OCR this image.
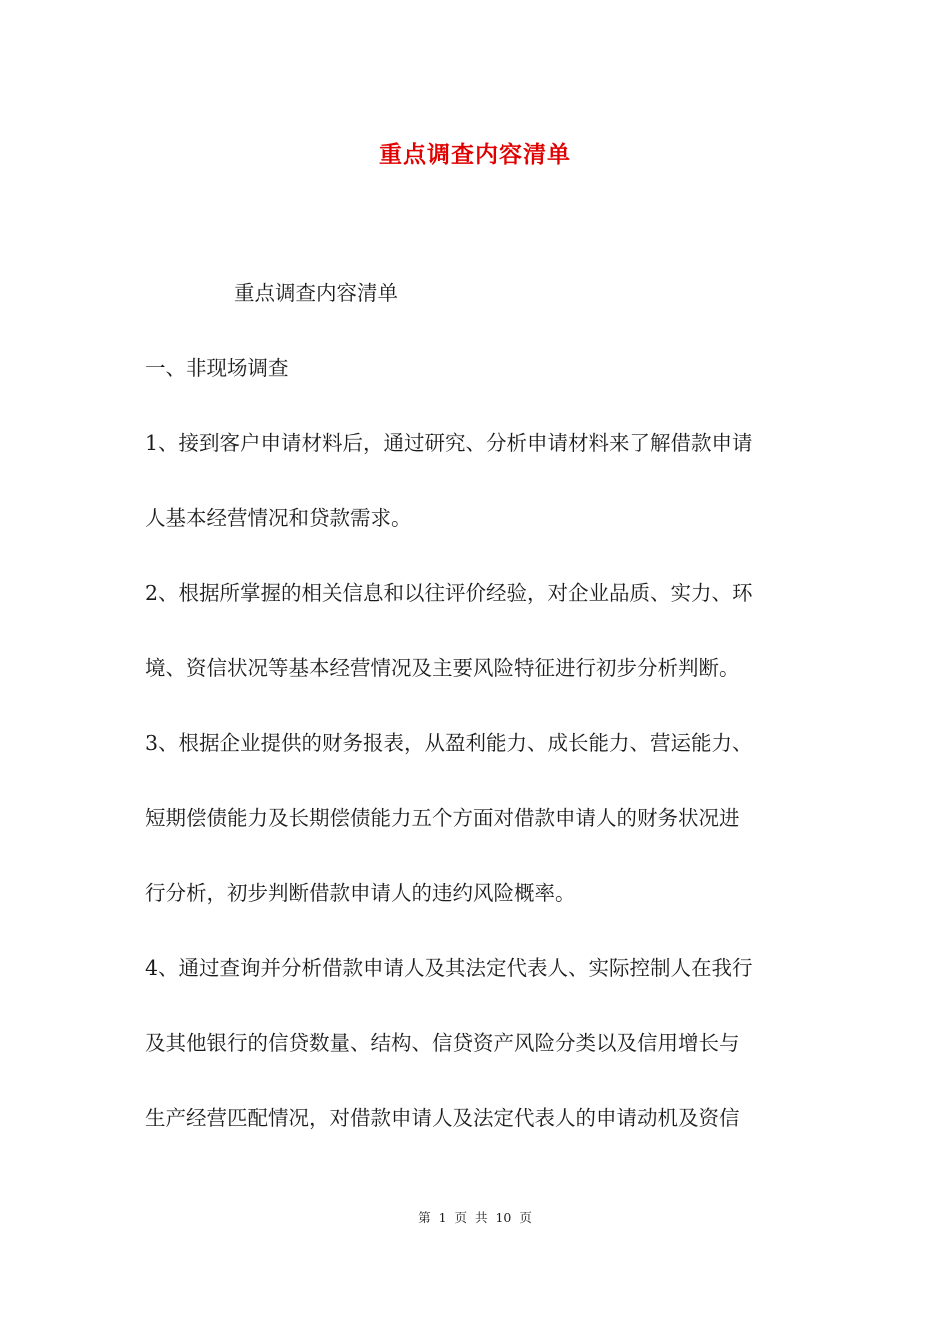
重点调查内容清单
重点调查内容清单
一、非现场调查
1、接到客户申请材料后，通过研究、分析申请材料来了解借款申请
人基本经营情况和贷款需求。
2、根据所掌握的相关信息和以往评价经验，对企业品质、实力、环
境、资信状况等基本经营情况及主要风险特征进行初步分析判断。
3、根据企业提供的财务报表，从盈利能力、成长能力、营运能力、
短期偿债能力及长期偿债能力五个方面对借款申请人的财务状况进
行分析，初步判断借款申请人的违约风险概率。
4、通过查询并分析借款申请人及其法定代表人、实际控制人在我行
及其他银行的信贷数量、结构、信贷资产风险分类以及信用增长与
生产经营匹配情况，对借款申请人及法定代表人的申请动机及资信
第 1 页 共 10 页
